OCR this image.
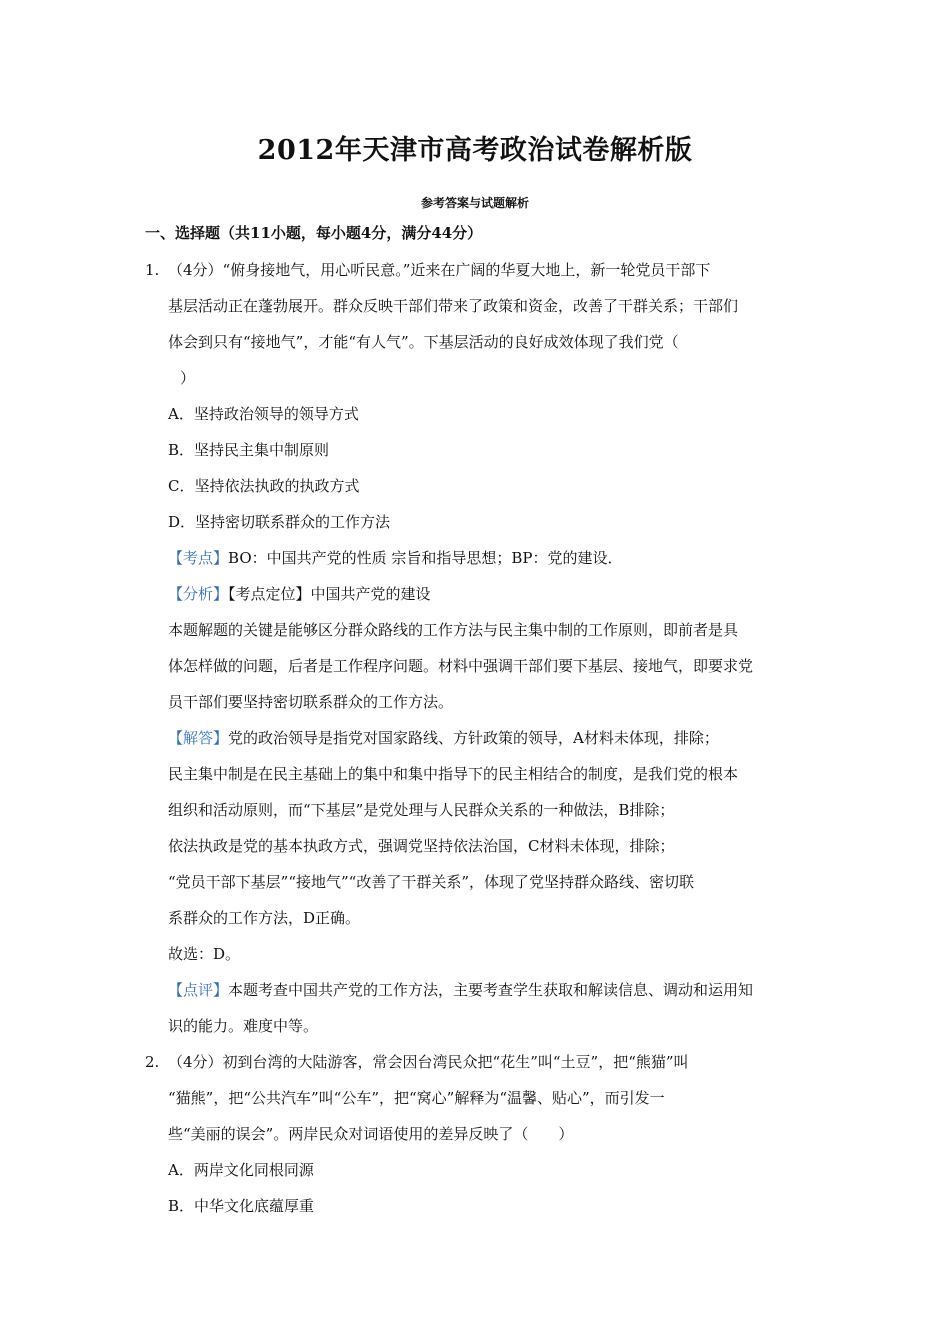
2012年天津市高考政治试卷解析版
参考答案与试题解析
一、选择题（共11小题，每小题4分，满分44分）
1. （4分）“俯身接地气，用心听民意。”近来在广阔的华夏大地上，新一轮党员干部下
基层活动正在蓬勃展开。群众反映干部们带来了政策和资金，改善了干群关系；干部们
体会到只有“接地气”，才能“有人气”。下基层活动的良好成效体现了我们党（
）
A．坚持政治领导的领导方式
B．坚持民主集中制原则
C．坚持依法执政的执政方式
D．坚持密切联系群众的工作方法
【考点】BO：中国共产党的性质 宗旨和指导思想；BP：党的建设．
【分析】【考点定位】中国共产党的建设
本题解题的关键是能够区分群众路线的工作方法与民主集中制的工作原则，即前者是具
体怎样做的问题，后者是工作程序问题。材料中强调干部们要下基层、接地气，即要求党
员干部们要坚持密切联系群众的工作方法。
【解答】党的政治领导是指党对国家路线、方针政策的领导，A材料未体现，排除；
民主集中制是在民主基础上的集中和集中指导下的民主相结合的制度，是我们党的根本
组织和活动原则，而“下基层”是党处理与人民群众关系的一种做法，B排除；
依法执政是党的基本执政方式，强调党坚持依法治国，C材料未体现，排除；
“党员干部下基层”“接地气”“改善了干群关系”，体现了党坚持群众路线、密切联
系群众的工作方法，D正确。
故选：D。
【点评】本题考查中国共产党的工作方法，主要考查学生获取和解读信息、调动和运用知
识的能力。难度中等。
2. （4分）初到台湾的大陆游客，常会因台湾民众把“花生”叫“土豆”，把“熊猫”叫
“猫熊”，把“公共汽车”叫“公车”，把“窝心”解释为“温馨、贴心”，而引发一
些“美丽的误会”。两岸民众对词语使用的差异反映了（　　）
A．两岸文化同根同源
B．中华文化底蕴厚重
